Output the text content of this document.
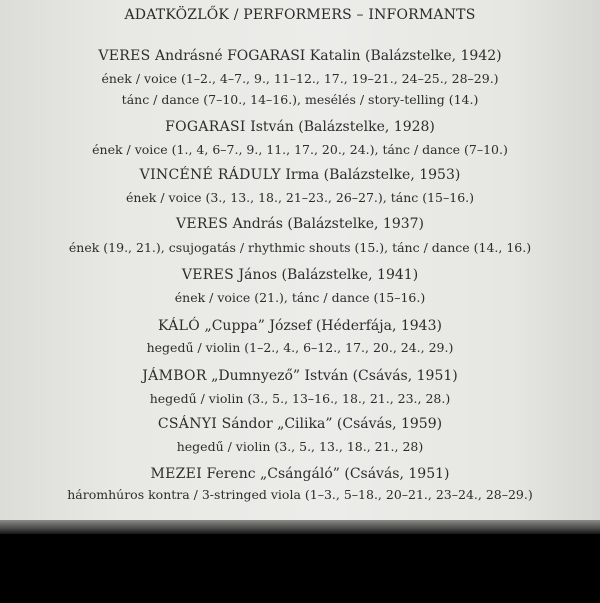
ADATKÖZLŐK / PERFORMERS – INFORMANTS
VERES Andrásné FOGARASI Katalin (Balázstelke, 1942)
ének / voice (1–2., 4–7., 9., 11–12., 17., 19–21., 24–25., 28–29.)
tánc / dance (7–10., 14–16.), mesélés / story-telling (14.)
FOGARASI István (Balázstelke, 1928)
ének / voice (1., 4, 6–7., 9., 11., 17., 20., 24.), tánc / dance (7–10.)
VINCÉNÉ RÁDULY Irma (Balázstelke, 1953)
ének / voice (3., 13., 18., 21–23., 26–27.), tánc (15–16.)
VERES András (Balázstelke, 1937)
ének (19., 21.), csujogatás / rhythmic shouts (15.), tánc / dance (14., 16.)
VERES János (Balázstelke, 1941)
ének / voice (21.), tánc / dance (15–16.)
KÁLÓ „Cuppa” József (Héderfája, 1943)
hegedű / violin (1–2., 4., 6–12., 17., 20., 24., 29.)
JÁMBOR „Dumnyező” István (Csávás, 1951)
hegedű / violin (3., 5., 13–16., 18., 21., 23., 28.)
CSÁNYI Sándor „Cilika” (Csávás, 1959)
hegedű / violin (3., 5., 13., 18., 21., 28)
MEZEI Ferenc „Csángáló” (Csávás, 1951)
háromhúros kontra / 3-stringed viola (1–3., 5–18., 20–21., 23–24., 28–29.)
